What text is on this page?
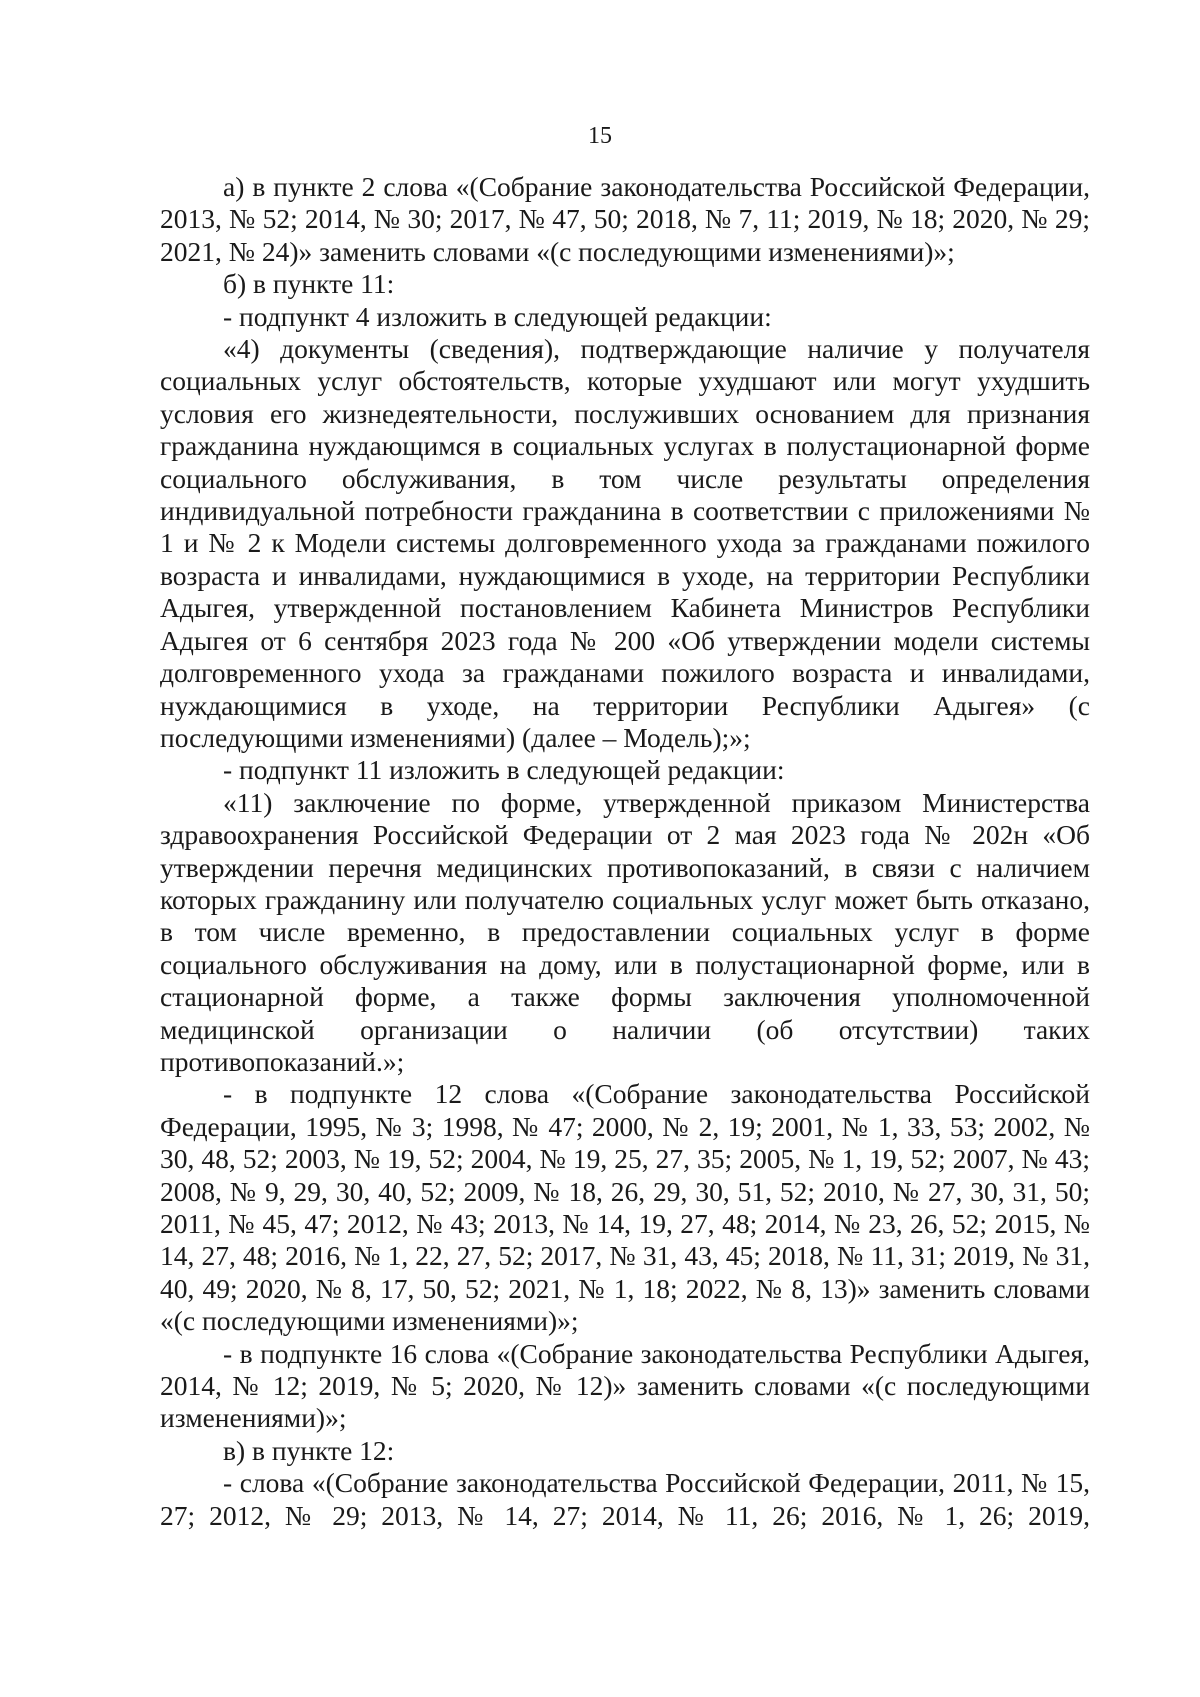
15

а) в пункте 2 слова «(Собрание законодательства Российской Федерации, 2013, № 52; 2014, № 30; 2017, № 47, 50; 2018, № 7, 11; 2019, № 18; 2020, № 29; 2021, № 24)» заменить словами «(с последующими изменениями)»;

б) в пункте 11:

- подпункт 4 изложить в следующей редакции:

«4) документы (сведения), подтверждающие наличие у получателя социальных услуг обстоятельств, которые ухудшают или могут ухудшить условия его жизнедеятельности, послуживших основанием для признания гражданина нуждающимся в социальных услугах в полустационарной форме социального обслуживания, в том числе результаты определения индивидуальной потребности гражданина в соответствии с приложениями № 1 и № 2 к Модели системы долговременного ухода за гражданами пожилого возраста и инвалидами, нуждающимися в уходе, на территории Республики Адыгея, утвержденной постановлением Кабинета Министров Республики Адыгея от 6 сентября 2023 года № 200 «Об утверждении модели системы долговременного ухода за гражданами пожилого возраста и инвалидами, нуждающимися в уходе, на территории Республики Адыгея» (с последующими изменениями) (далее – Модель);»;

- подпункт 11 изложить в следующей редакции:

«11) заключение по форме, утвержденной приказом Министерства здравоохранения Российской Федерации от 2 мая 2023 года № 202н «Об утверждении перечня медицинских противопоказаний, в связи с наличием которых гражданину или получателю социальных услуг может быть отказано, в том числе временно, в предоставлении социальных услуг в форме социального обслуживания на дому, или в полустационарной форме, или в стационарной форме, а также формы заключения уполномоченной медицинской организации о наличии (об отсутствии) таких противопоказаний.»;

- в подпункте 12 слова «(Собрание законодательства Российской Федерации, 1995, № 3; 1998, № 47; 2000, № 2, 19; 2001, № 1, 33, 53; 2002, № 30, 48, 52; 2003, № 19, 52; 2004, № 19, 25, 27, 35; 2005, № 1, 19, 52; 2007, № 43; 2008, № 9, 29, 30, 40, 52; 2009, № 18, 26, 29, 30, 51, 52; 2010, № 27, 30, 31, 50; 2011, № 45, 47; 2012, № 43; 2013, № 14, 19, 27, 48; 2014, № 23, 26, 52; 2015, № 14, 27, 48; 2016, № 1, 22, 27, 52; 2017, № 31, 43, 45; 2018, № 11, 31; 2019, № 31, 40, 49; 2020, № 8, 17, 50, 52; 2021, № 1, 18; 2022, № 8, 13)» заменить словами «(с последующими изменениями)»;

- в подпункте 16 слова «(Собрание законодательства Республики Адыгея, 2014, № 12; 2019, № 5; 2020, № 12)» заменить словами «(с последующими изменениями)»;

в) в пункте 12:

- слова «(Собрание законодательства Российской Федерации, 2011, № 15, 27; 2012, № 29; 2013, № 14, 27; 2014, № 11, 26; 2016, № 1, 26; 2019,
